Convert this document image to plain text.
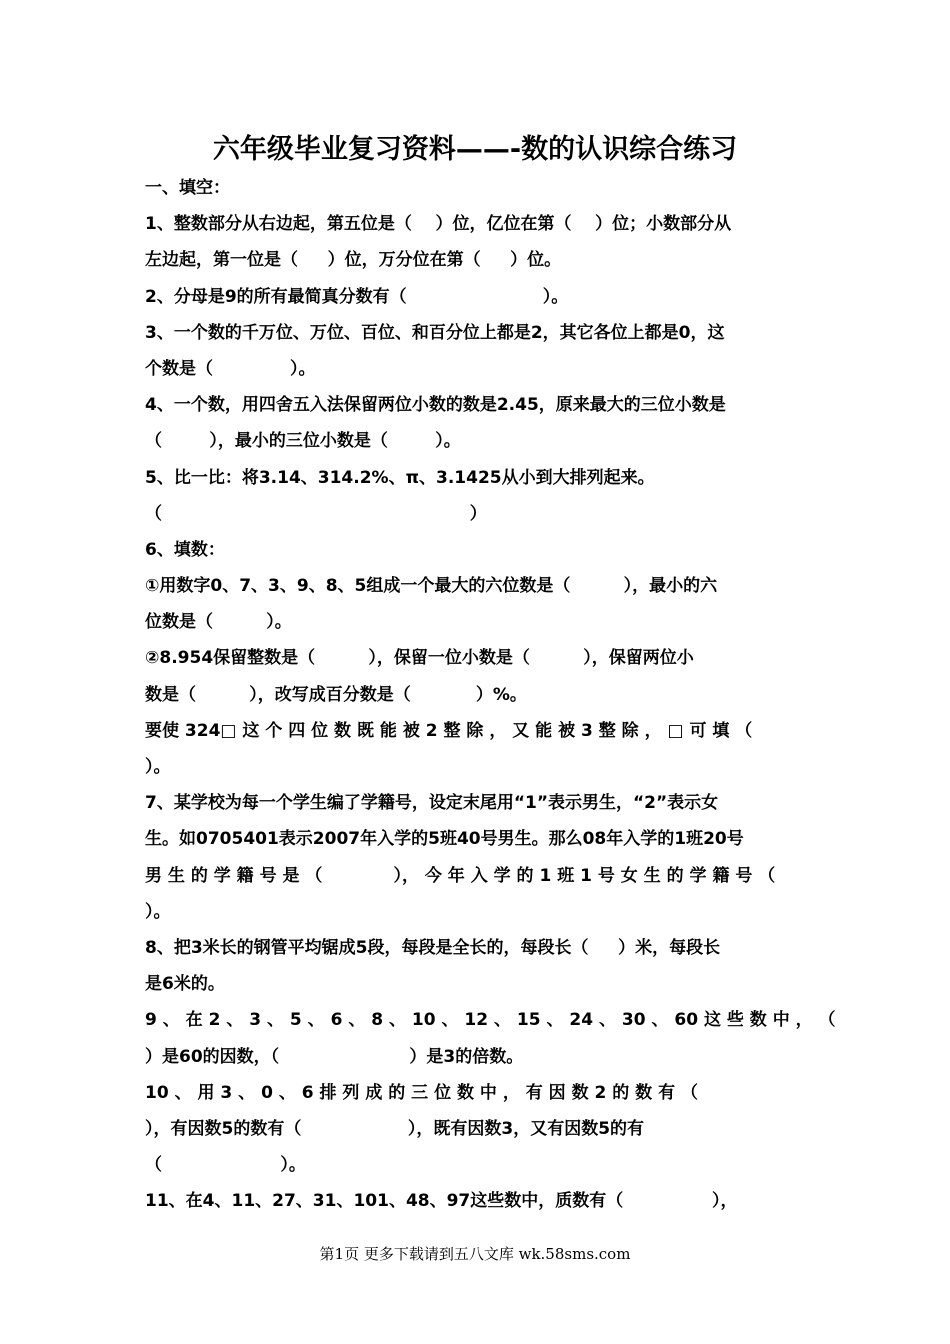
六年级毕业复习资料——-数的认识综合练习
一、填空：
1、整数部分从右边起，第五位是（    ）位，亿位在第（    ）位；小数部分从
左边起，第一位是（     ）位，万分位在第（     ）位。
2、分母是9的所有最简真分数有（                       ）。
3、一个数的千万位、万位、百位、和百分位上都是2，其它各位上都是0，这
个数是（             ）。
4、一个数，用四舍五入法保留两位小数的数是2.45，原来最大的三位小数是
（        ），最小的三位小数是（        ）。
5、比一比：将3.14、314.2%、π、3.1425从小到大排列起来。
（                                                    ）
6、填数：
①用数字0、7、3、9、8、5组成一个最大的六位数是（         ），最小的六
位数是（         ）。
②8.954保留整数是（         ），保留一位小数是（         ），保留两位小
数是（         ），改写成百分数是（           ）%。
要使 324□ 这 个 四 位 数 既 能 被 2 整 除 ， 又 能 被 3 整 除 ， □ 可 填 （
）。
7、某学校为每一个学生编了学籍号，设定末尾用“1”表示男生，“2”表示女
生。如0705401表示2007年入学的5班40号男生。那么08年入学的1班20号
男 生 的 学 籍 号 是 （            ）， 今 年 入 学 的 1 班 1 号 女 生 的 学 籍 号 （
）。
8、把3米长的钢管平均锯成5段，每段是全长的，每段长（     ）米，每段长
是6米的。
9 、 在 2 、 3 、 5 、 6 、 8 、 10 、 12 、 15 、 24 、 30 、 60 这 些 数 中 ， （
）是60的因数，（                      ）是3的倍数。
10 、 用 3 、 0 、 6 排 列 成 的 三 位 数 中 ， 有 因 数 2 的 数 有 （
），有因数5的数有（                  ），既有因数3，又有因数5的有
（                    ）。
11、在4、11、27、31、101、48、97这些数中，质数有（               ），
第1页 更多下载请到五八文库 wk.58sms.com
